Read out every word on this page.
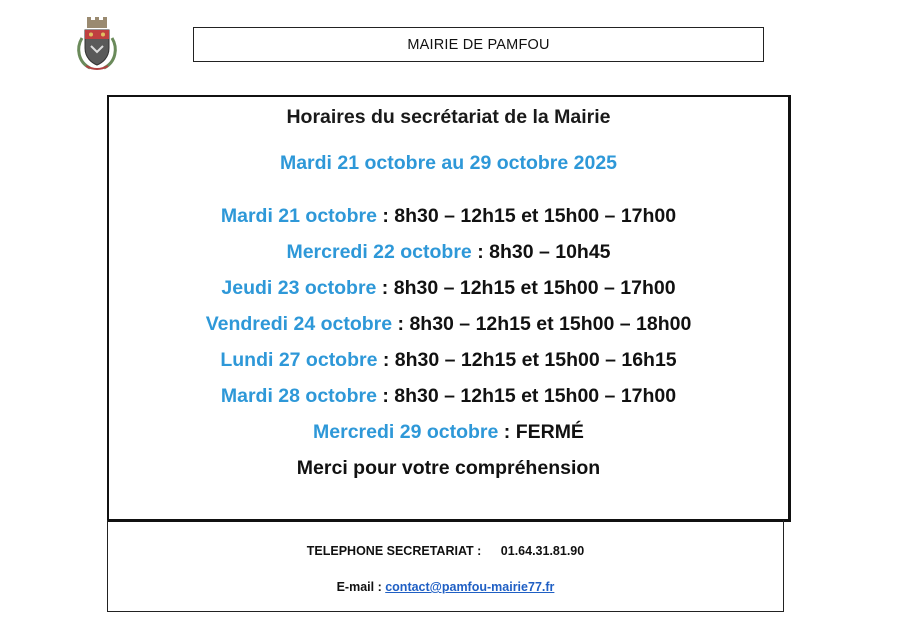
MAIRIE DE PAMFOU
Horaires du secrétariat de la Mairie
Mardi 21 octobre au 29 octobre 2025
Mardi 21 octobre : 8h30 – 12h15 et 15h00 – 17h00
Mercredi 22 octobre : 8h30 – 10h45
Jeudi 23 octobre : 8h30 – 12h15 et 15h00 – 17h00
Vendredi 24 octobre : 8h30 – 12h15 et 15h00 – 18h00
Lundi 27 octobre : 8h30 – 12h15 et 15h00 – 16h15
Mardi 28 octobre : 8h30 – 12h15 et 15h00 – 17h00
Mercredi 29 octobre : FERMÉ
Merci pour votre compréhension
TELEPHONE SECRETARIAT : 01.64.31.81.90
E-mail : contact@pamfou-mairie77.fr
